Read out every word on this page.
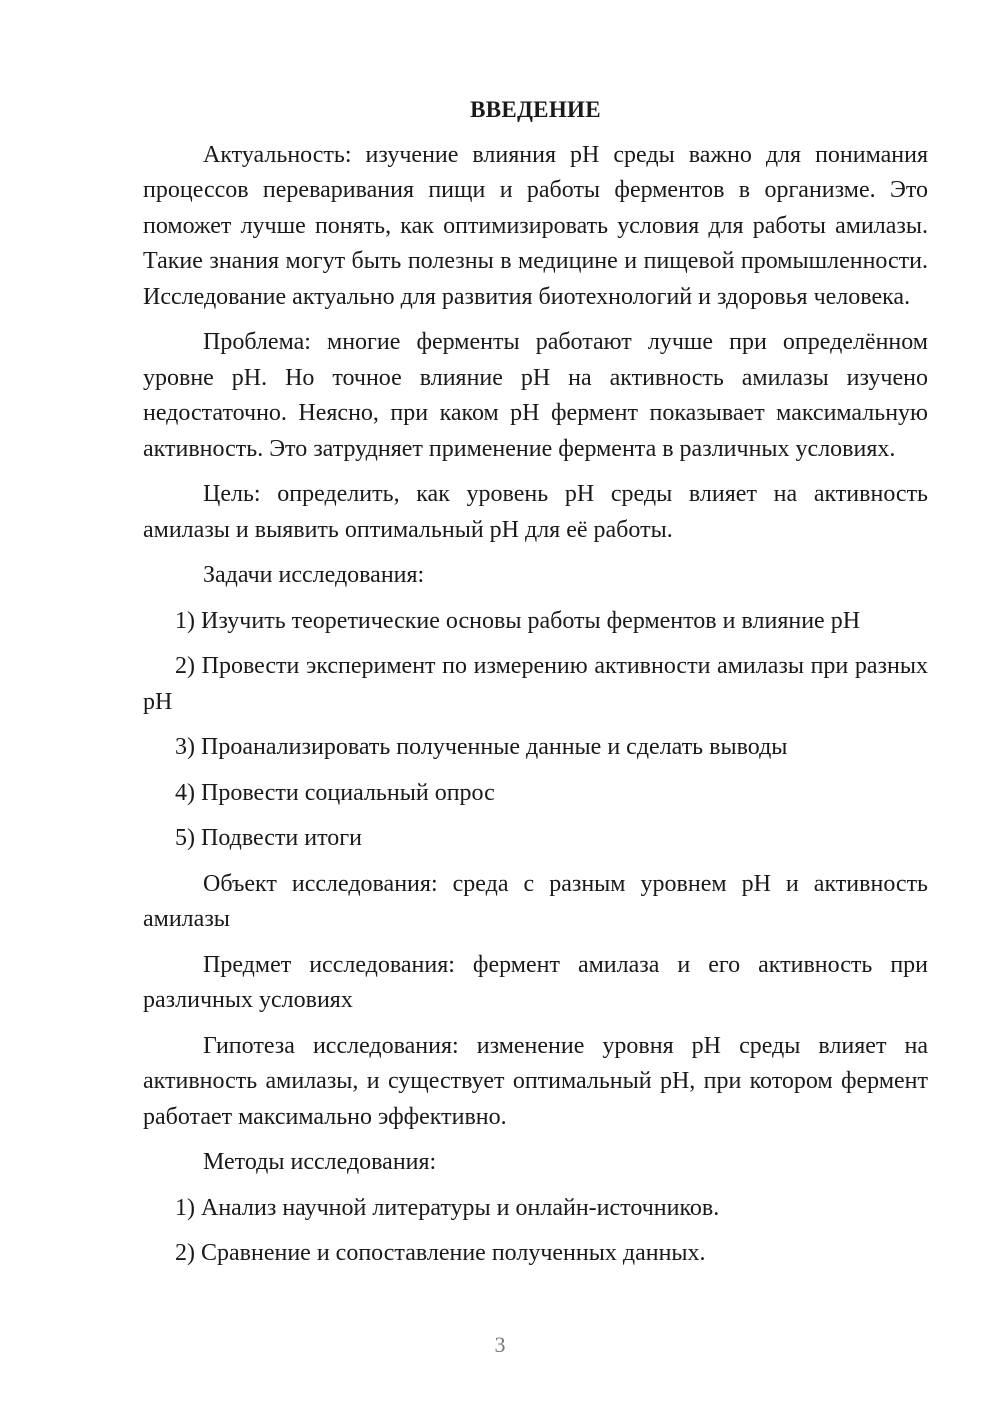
ВВЕДЕНИЕ

Актуальность: изучение влияния pH среды важно для понимания процессов переваривания пищи и работы ферментов в организме. Это поможет лучше понять, как оптимизировать условия для работы амилазы. Такие знания могут быть полезны в медицине и пищевой промышленности. Исследование актуально для развития биотехнологий и здоровья человека.

Проблема: многие ферменты работают лучше при определённом уровне pH. Но точное влияние pH на активность амилазы изучено недостаточно. Неясно, при каком pH фермент показывает максимальную активность. Это затрудняет применение фермента в различных условиях.

Цель: определить, как уровень pH среды влияет на активность амилазы и выявить оптимальный pH для её работы.

Задачи исследования:

1) Изучить теоретические основы работы ферментов и влияние pH

2) Провести эксперимент по измерению активности амилазы при разных pH

3) Проанализировать полученные данные и сделать выводы

4) Провести социальный опрос

5) Подвести итоги

Объект исследования: среда с разным уровнем pH и активность амилазы

Предмет исследования: фермент амилаза и его активность при различных условиях

Гипотеза исследования: изменение уровня pH среды влияет на активность амилазы, и существует оптимальный pH, при котором фермент работает максимально эффективно.

Методы исследования:

1) Анализ научной литературы и онлайн-источников.

2) Сравнение и сопоставление полученных данных.

3
